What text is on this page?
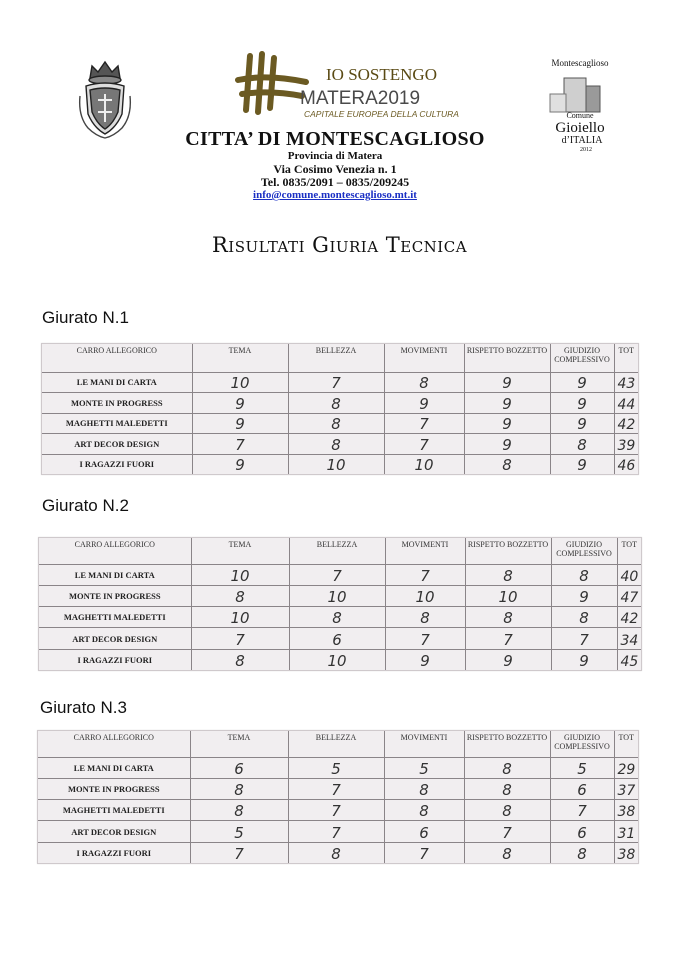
IO SOSTENGO
MATERA2019
CAPITALE EUROPEA DELLA CULTURA
Montescaglioso
Comune
Gioiello
d’ITALIA
2012

CITTA’ DI MONTESCAGLIOSO

Provincia di Matera
Via Cosimo Venezia n. 1
Tel. 0835/2091 – 0835/209245
info@comune.montescaglioso.mt.it
Risultati Giuria Tecnica
Giurato N.1
CARRO ALLEGORICO	TEMA	BELLEZZA	MOVIMENTI	RISPETTO BOZZETTO	GIUDIZIO COMPLESSIVO	TOT
LE MANI DI CARTA	10	7	8	9	9	43
MONTE IN PROGRESS	9	8	9	9	9	44
MAGHETTI MALEDETTI	9	8	7	9	9	42
ART DECOR DESIGN	7	8	7	9	8	39
I RAGAZZI FUORI	9	10	10	8	9	46
Giurato N.2
CARRO ALLEGORICO	TEMA	BELLEZZA	MOVIMENTI	RISPETTO BOZZETTO	GIUDIZIO COMPLESSIVO	TOT
LE MANI DI CARTA	10	7	7	8	8	40
MONTE IN PROGRESS	8	10	10	10	9	47
MAGHETTI MALEDETTI	10	8	8	8	8	42
ART DECOR DESIGN	7	6	7	7	7	34
I RAGAZZI FUORI	8	10	9	9	9	45
Giurato N.3
CARRO ALLEGORICO	TEMA	BELLEZZA	MOVIMENTI	RISPETTO BOZZETTO	GIUDIZIO COMPLESSIVO	TOT
LE MANI DI CARTA	6	5	5	8	5	29
MONTE IN PROGRESS	8	7	8	8	6	37
MAGHETTI MALEDETTI	8	7	8	8	7	38
ART DECOR DESIGN	5	7	6	7	6	31
I RAGAZZI FUORI	7	8	7	8	8	38
